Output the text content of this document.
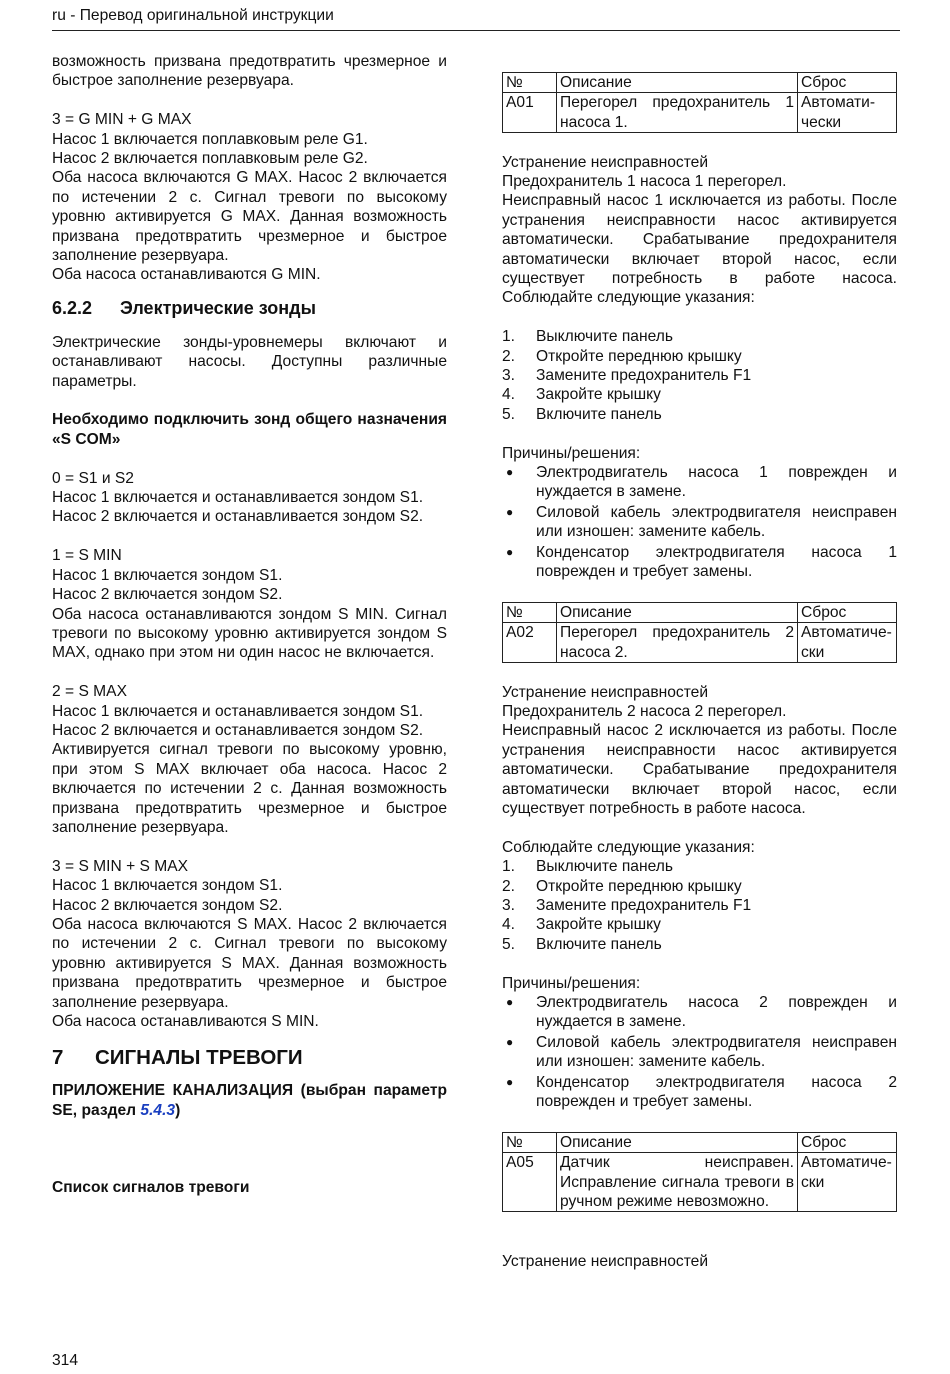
ru - Перевод оригинальной инструкции

возможность призвана предотвратить чрезмерное и быстрое заполнение резервуара.

3 = G MIN + G MAX

Насос 1 включается поплавковым реле G1.

Насос 2 включается поплавковым реле G2.

Оба насоса включаются G MAX. Насос 2 включается по истечении 2 с. Сигнал тревоги по высокому уровню активируется G MAX. Данная возможность призвана предотвратить чрезмерное и быстрое заполнение резервуара.

Оба насоса останавливаются G MIN.

6.2.2 Электрические зонды

Электрические зонды-уровнемеры включают и останавливают насосы. Доступны различные параметры.

Необходимо подключить зонд общего назначения «S COM»

0 = S1 и S2

Насос 1 включается и останавливается зондом S1.

Насос 2 включается и останавливается зондом S2.

1 = S MIN

Насос 1 включается зондом S1.

Насос 2 включается зондом S2.

Оба насоса останавливаются зондом S MIN. Сигнал тревоги по высокому уровню активируется зондом S MAX, однако при этом ни один насос не включается.

2 = S MAX

Насос 1 включается и останавливается зондом S1.

Насос 2 включается и останавливается зондом S2.

Активируется сигнал тревоги по высокому уровню, при этом S MAX включает оба насоса. Насос 2 включается по истечении 2 с. Данная возможность призвана предотвратить чрезмерное и быстрое заполнение резервуара.

3 = S MIN + S MAX

Насос 1 включается зондом S1.

Насос 2 включается зондом S2.

Оба насоса включаются S MAX. Насос 2 включается по истечении 2 с. Сигнал тревоги по высокому уровню активируется S MAX. Данная возможность призвана предотвратить чрезмерное и быстрое заполнение резервуара.

Оба насоса останавливаются S MIN.

7 СИГНАЛЫ ТРЕВОГИ

ПРИЛОЖЕНИЕ КАНАЛИЗАЦИЯ (выбран параметр SE, раздел 5.4.3)

Список сигналов тревоги

№	Описание	Сброс
A01	Перегорел предохранитель 1 насоса 1.	Автомати-чески

Устранение неисправностей

Предохранитель 1 насоса 1 перегорел.

Неисправный насос 1 исключается из работы. После устранения неисправности насос активируется автоматически. Срабатывание предохранителя автоматически включает второй насос, если существует потребность в работе насоса. Соблюдайте следующие указания:

1. Выключите панель
2. Откройте переднюю крышку
3. Замените предохранитель F1
4. Закройте крышку
5. Включите панель

Причины/решения:

● Электродвигатель насоса 1 поврежден и нуждается в замене.
● Силовой кабель электродвигателя неисправен или изношен: замените кабель.
● Конденсатор электродвигателя насоса 1 поврежден и требует замены.
№	Описание	Сброс
A02	Перегорел предохранитель 2 насоса 2.	Автоматиче-ски

Устранение неисправностей

Предохранитель 2 насоса 2 перегорел.

Неисправный насос 2 исключается из работы. После устранения неисправности насос активируется автоматически. Срабатывание предохранителя автоматически включает второй насос, если существует потребность в работе насоса.

Соблюдайте следующие указания:

1. Выключите панель
2. Откройте переднюю крышку
3. Замените предохранитель F1
4. Закройте крышку
5. Включите панель

Причины/решения:

● Электродвигатель насоса 2 поврежден и нуждается в замене.
● Силовой кабель электродвигателя неисправен или изношен: замените кабель.
● Конденсатор электродвигателя насоса 2 поврежден и требует замены.
№	Описание	Сброс
A05	Датчик неисправен. Исправление сигнала тревоги в ручном режиме невозможно.	Автоматиче-ски

Устранение неисправностей

314
